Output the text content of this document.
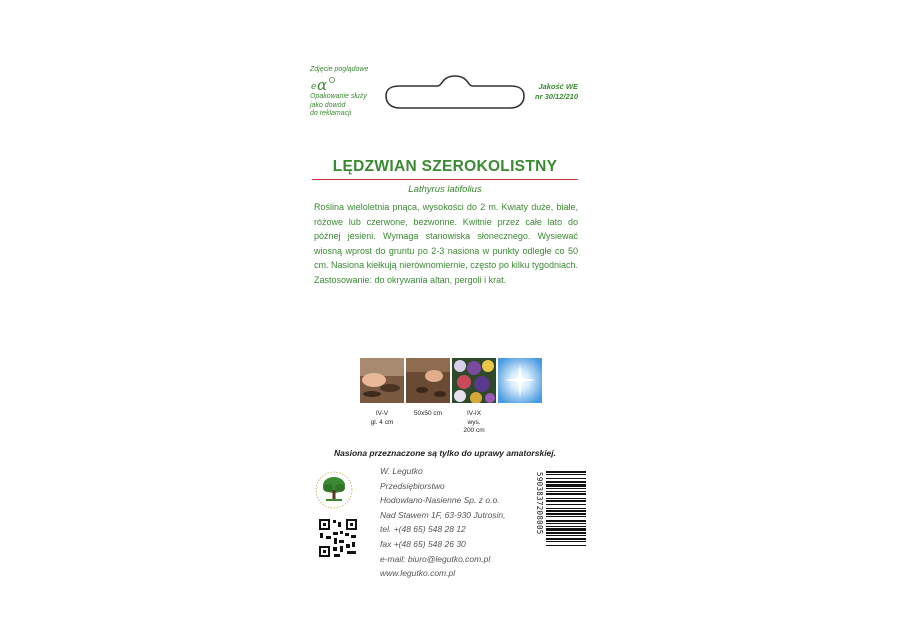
Zdjęcie poglądowe
e α
Opakowanie służy
jako dowód
do reklamacji
Jakość WE
nr 30/12/210
LĘDZWIAN SZEROKOLISTNY
Lathyrus latifolius
Roślina wieloletnia pnąca, wysokości do 2 m. Kwiaty duże, białe, różowe lub czerwone, bezwonne. Kwitnie przez całe lato do późnej jesieni. Wymaga stanowiska słonecznego. Wysiewać wiosną wprost do gruntu po 2-3 nasiona w punkty odległe co 50 cm. Nasiona kiełkują nierównomiernie, często po kilku tygodniach. Zastosowanie: do okrywania altan, pergoli i krat.
IV-V
gl. 4 cm
50x50 cm	IV-IX
wys.
200 cm
Nasiona przeznaczone są tylko do uprawy amatorskiej.
W. Legutko
Przedsiębiorstwo
Hodowlano-Nasienne Sp. z o.o.
Nad Stawem 1F, 63-930 Jutrosin,
tel. +(48 65) 548 28 12
fax +(48 65) 548 26 30
e-mail: biuro@legutko.com.pl
www.legutko.com.pl
5903837208005
